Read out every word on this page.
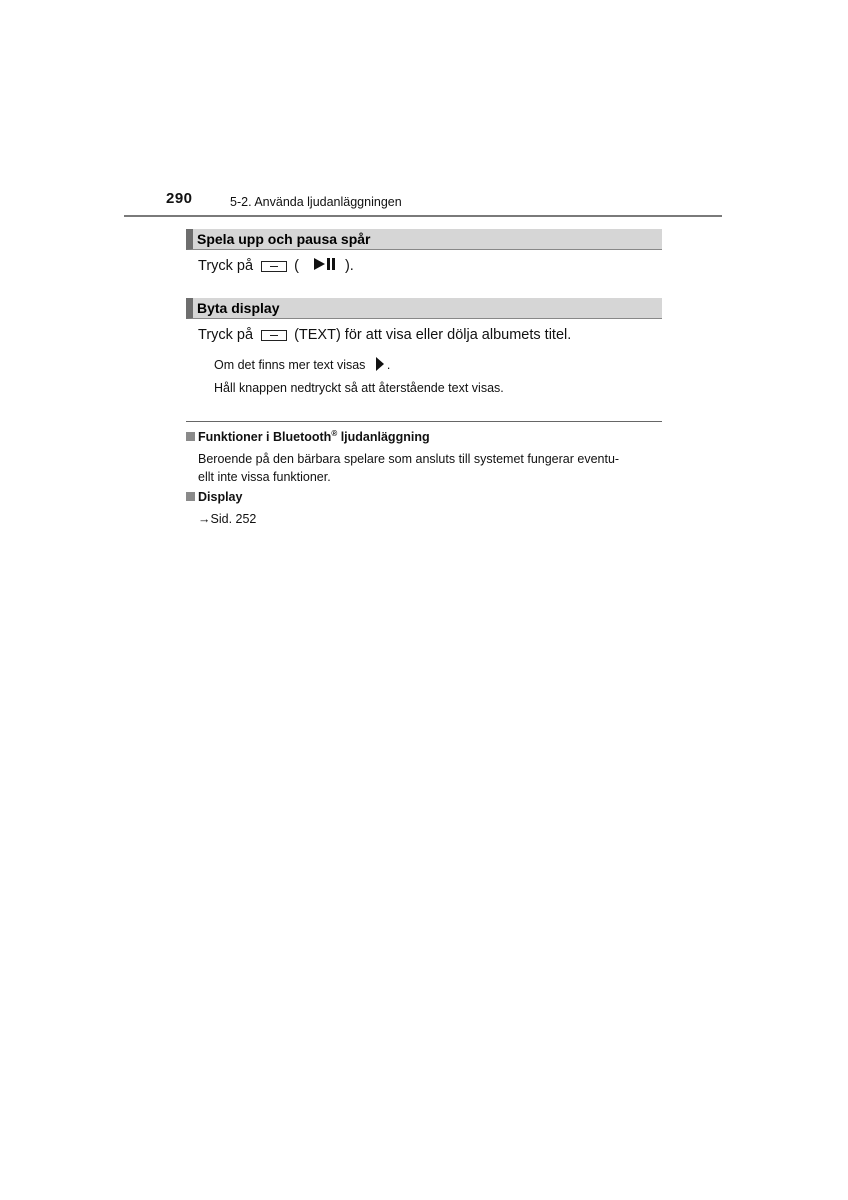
290	5-2. Använda ljudanläggningen
Spela upp och pausa spår
Tryck på	(	).
Byta display
Tryck på	(TEXT) för att visa eller dölja albumets titel.
Om det finns mer text visas .
Håll knappen nedtryckt så att återstående text visas.
Funktioner i Bluetooth® ljudanläggning
Beroende på den bärbara spelare som ansluts till systemet fungerar eventu-
ellt inte vissa funktioner.
Display
→Sid. 252
